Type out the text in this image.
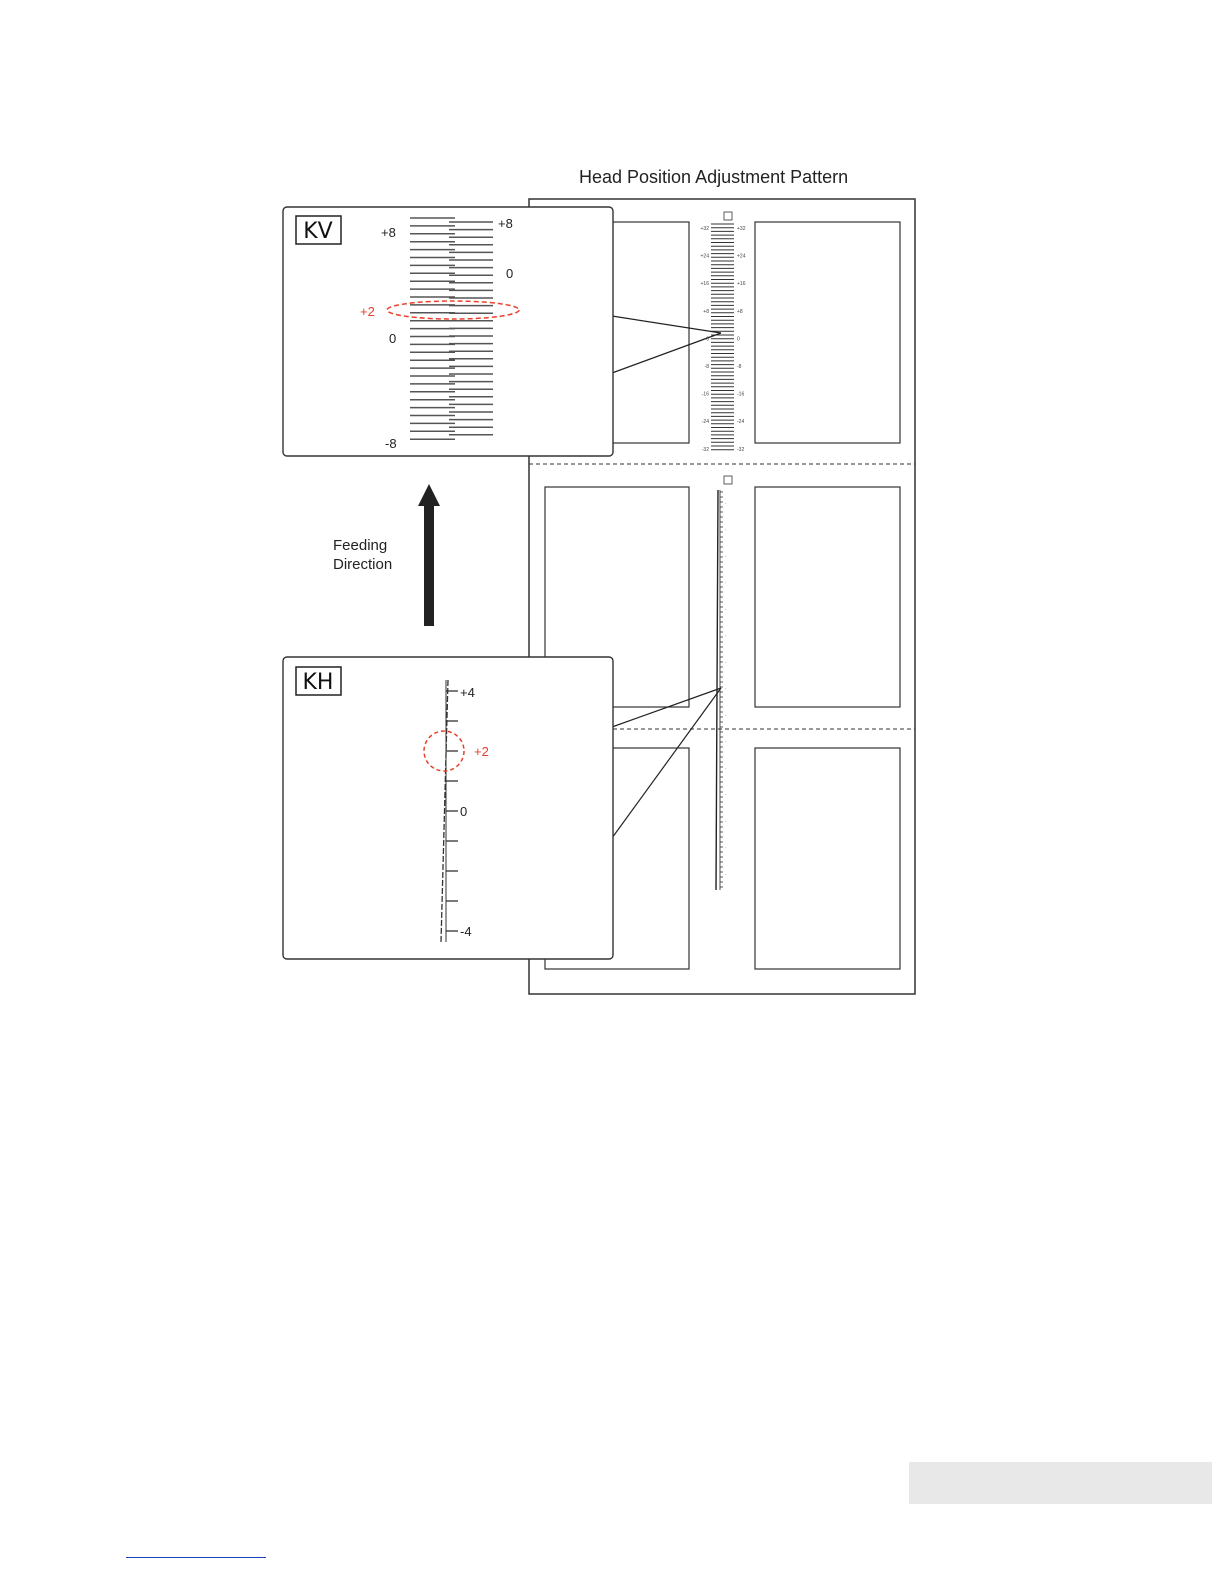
Head Position Adjustment Pattern
+32	+32
+24	+24
+16	+16
+8	+8
0	0
-8	-8
-16	-16
-24	-24
-32	-32
·
·
·
·
·
·
·
·
·
·
·
·
·
·
·
KV	+8
+8
0
+2
0
-8
Feeding
Direction
KH	+4
+2
0
-4
